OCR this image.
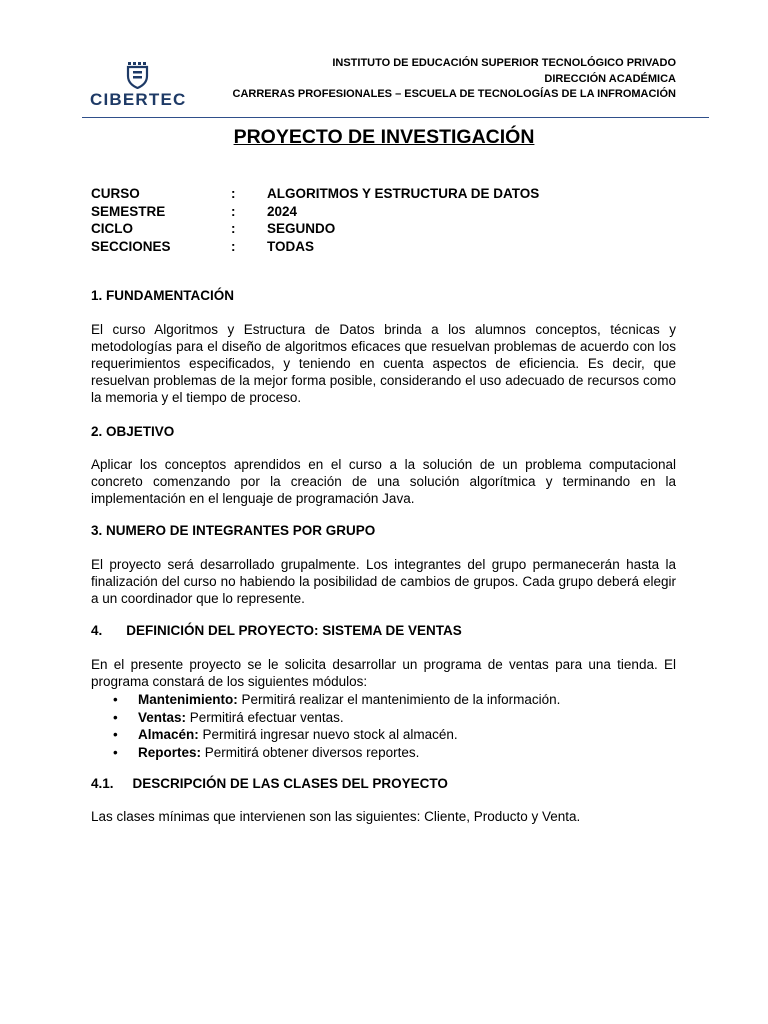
CIBERTEC
INSTITUTO DE EDUCACIÓN SUPERIOR TECNOLÓGICO PRIVADO
DIRECCIÓN ACADÉMICA
CARRERAS PROFESIONALES – ESCUELA DE TECNOLOGÍAS DE LA INFROMACIÓN
PROYECTO DE INVESTIGACIÓN
CURSO	: ALGORITMOS Y ESTRUCTURA DE DATOS
SEMESTRE	: 2024
CICLO	: SEGUNDO
SECCIONES	: TODAS
1. FUNDAMENTACIÓN
El curso Algoritmos y Estructura de Datos brinda a los alumnos conceptos, técnicas y metodologías para el diseño de algoritmos eficaces que resuelvan problemas de acuerdo con los requerimientos especificados, y teniendo en cuenta aspectos de eficiencia. Es decir, que resuelvan problemas de la mejor forma posible, considerando el uso adecuado de recursos como la memoria y el tiempo de proceso.
2. OBJETIVO
Aplicar los conceptos aprendidos en el curso a la solución de un problema computacional concreto comenzando por la creación de una solución algorítmica y terminando en la implementación en el lenguaje de programación Java.
3. NUMERO DE INTEGRANTES POR GRUPO
El proyecto será desarrollado grupalmente. Los integrantes del grupo permanecerán hasta la finalización del curso no habiendo la posibilidad de cambios de grupos. Cada grupo deberá elegir a un coordinador que lo represente.
4. DEFINICIÓN DEL PROYECTO: SISTEMA DE VENTAS
En el presente proyecto se le solicita desarrollar un programa de ventas para una tienda. El programa constará de los siguientes módulos:
• Mantenimiento: Permitirá realizar el mantenimiento de la información.
• Ventas: Permitirá efectuar ventas.
• Almacén: Permitirá ingresar nuevo stock al almacén.
• Reportes: Permitirá obtener diversos reportes.
4.1. DESCRIPCIÓN DE LAS CLASES DEL PROYECTO
Las clases mínimas que intervienen son las siguientes: Cliente, Producto y Venta.
